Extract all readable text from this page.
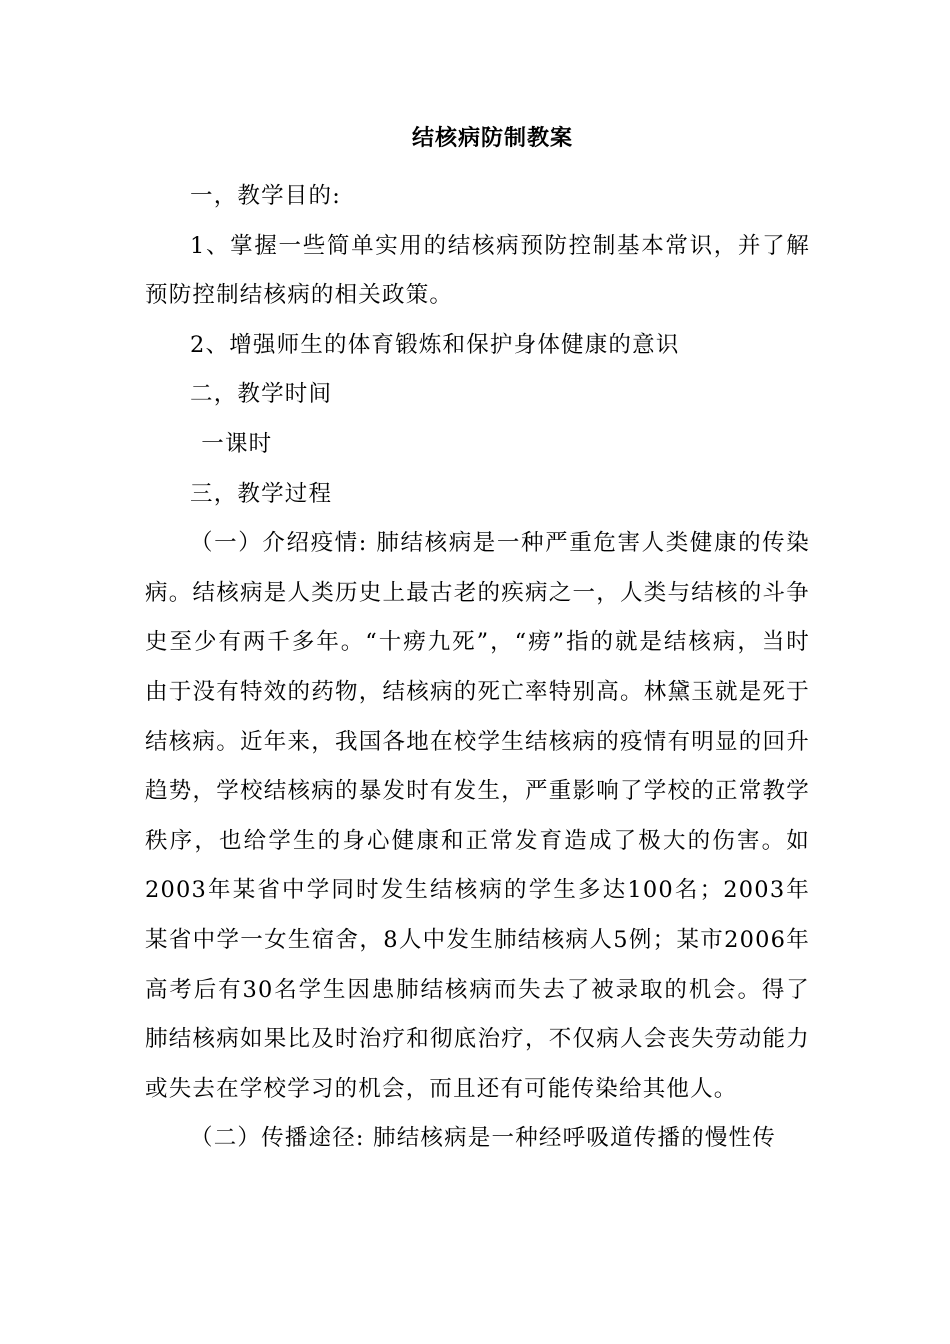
结核病防制教案

一，教学目的:

1、掌握一些简单实用的结核病预防控制基本常识，并了解预防控制结核病的相关政策。

2、增强师生的体育锻炼和保护身体健康的意识

二，教学时间

一课时

三，教学过程

（一）介绍疫情: 肺结核病是一种严重危害人类健康的传染病。结核病是人类历史上最古老的疾病之一，人类与结核的斗争史至少有两千多年。“十痨九死”，“痨”指的就是结核病，当时由于没有特效的药物，结核病的死亡率特别高。林黛玉就是死于结核病。近年来，我国各地在校学生结核病的疫情有明显的回升趋势，学校结核病的暴发时有发生，严重影响了学校的正常教学秩序，也给学生的身心健康和正常发育造成了极大的伤害。如2003年某省中学同时发生结核病的学生多达100名；2003年某省中学一女生宿舍，8人中发生肺结核病人5例；某市2006年高考后有30名学生因患肺结核病而失去了被录取的机会。得了肺结核病如果比及时治疗和彻底治疗，不仅病人会丧失劳动能力或失去在学校学习的机会，而且还有可能传染给其他人。

（二）传播途径: 肺结核病是一种经呼吸道传播的慢性传
